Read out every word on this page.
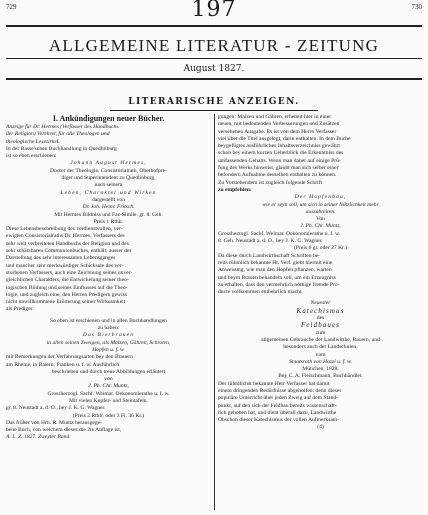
729	730
197
ALLGEMEINE LITERATUR - ZEITUNG
August 1827.
LITERARISCHE ANZEIGEN.

I. Ankündigungen neuer Bücher.

Anzeige für Dr. Hermes (Verfasser des Handbuchs

der Religion) Verehrer, für alle Theologen und

theologische Lesezirkel.

In der Basse'schen Buchhandlung in Quedlinburg

ist so eben erschienen:

Johann August Hermes,

Doctor der Theologie, Consistorialrath, Oberhofpre-

diger und Superintendent zu Quedlinburg,

nach seinem

Leben, Charakter und Wirken

dargestellt von

Dr. Joh. Heinr. Fritsch.

Mit Hermes Bildniss und Fac-Simile. gr. 8. Geh.

Preis 1 Rthlr.

Diese Lebensbeschreibung des verdienstvollen, ver-

ewigten Consistorialraths Dr. Hermes, Verfassers des

sehr weit verbreiteten Handbuchs der Religion und des

sehr schätzbaren Communionbuches, enthält, ausser der

Darstellung des sehr interessanten Lebensganges

und mancher sehr merkwürdiger Schicksale des ver-

storbenen Verfassers, auch eine Zeichnung seines unver-

gleichlichen Charakters, die Entwickelung seiner theo-

logischen Bildung und seines Einflusses auf die Theo-

logie, und zugleich eine, den Herren Predigern gewiss

nicht unwillkommene Erörterung seiner Wirksamkeit

als Prediger.

So eben ist erschienen und in allen Buchhandlungen

zu haben:

Das Bierbrauen

in allen seinen Zweigen, als Malzen, Gähren, Schroten,

Hopfen u. f. w.

mit Bemerkungen der Verfahrungsarten bey den Brauern

am Rheine, in Baiern, Franken u. f. w. Ausführlich

beschrieben und durch treue Abbildungen erläutert

von

J. Ph. Chr. Muntz,

Grossherzogl. Sachf. Weimar. Oekonomierathe u. f. w.

Mit vielen Kupfer- und Steintafeln.

gr. 8. Neustadt a. d. O., bey J. K. G. Wagner.

(Preis 2 Rthlr. oder 3 Fl. 36 Kr.)

Das früher von Hrn. R. Muntz herausgege-

bene Buch, von welchem dieses die 2te Auflage ist,

A. L. Z. 1827. Zweyter Band.

gungen: Malzen und Gähren, erhebeit hier in einer

neuen, mit bedeutenden Verbesserungen und Zusätzen

versehenen Ausgabe. Es ist von dem Herrn Verfasser

viel über die Titel ausgelegt, darin enthalten. In dem Buche

beygefügtes ausführliches Inhaltsverzeichniss gewährt

schon bey einem kurzen Ueberblick die Erkenntniss des

umfassenden Gehalts. Wenn man daher auf einige Prü-

fung des Werks hinweist, glaubt man sich selber einer

befondern Aufnahme desselben enthalten zu können.

Zu Vorstehendem ist zugleich folgende Schrift

zu empfehlen:

Der Hopfenbau,

wie er seyn soll, um sich in seiner Nützlichkeit mehr

auszubreiten.

Von

J. Ph. Chr. Muntz,

Grossherzogl. Sachf. Weimar. Oekonomierathe u. f. w.

8. Geh. Neustadt a. d. O., bey J. K. G. Wagner.

(Preis 6 gr. oder 27 Kr.)

Da diese durch Landwirthschaft Schriften be-

reits rühmlich bekannte Hr. Verf. giebt hiermit eine

Anweisung, wie man den Hopfen pflanzen, warten

und beym Brauen behandeln soll, um ein Erzeugniss

zu erhalten, dass den vermehrlich nöthige fremde Pro-

ducte vollkommen entbehrlich macht.

Neuester

Katechismus

des

Feldbaues

zum

allgemeinen Gebrauche der Landwirthe, Bauern, und

besonders auch der Landschulen,

vom

Staatsrath von Hazzi u. f. w.

München, 1828.

Bey C. A. Fleischmann, Buchhändler.

Der rühmlichst bekannte Herr Verfasser hat damit

einem dringenden Bedürfnisse abgeholfen: denn dieser

populäre Unterricht über jeden Zweig auf dem Stand-

punkt, auf den sich der Feldbau bereits wissenschaft-

lich gehoben hat, und dient überall dazu, Landwirthe

Obschon dieser Katechismus der vollen Aufmerksam-

(4)
